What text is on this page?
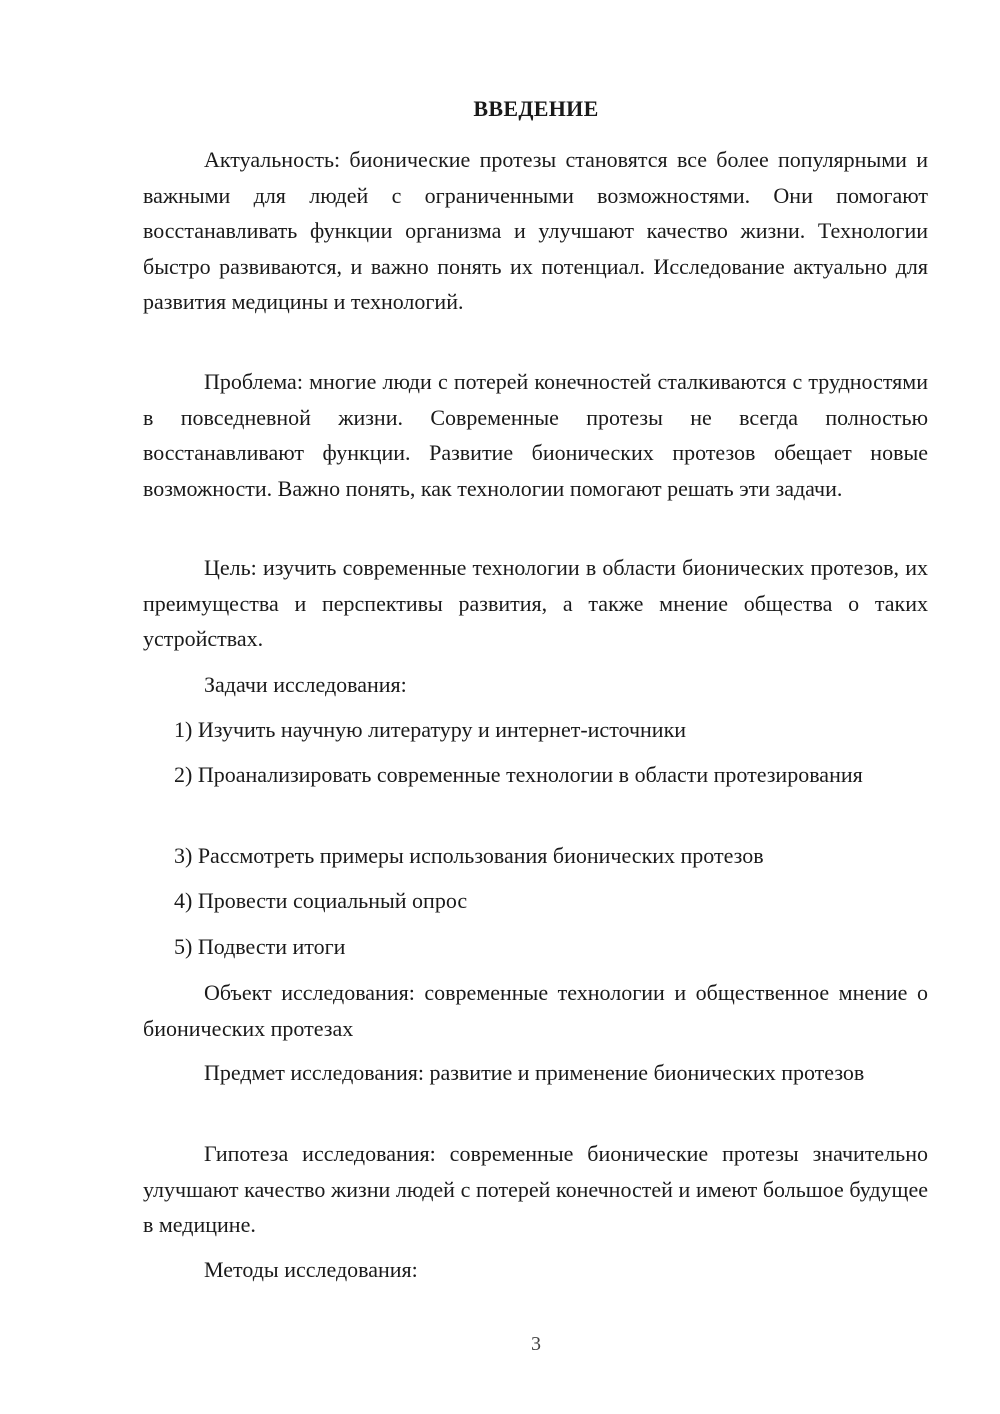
ВВЕДЕНИЕ
Актуальность: бионические протезы становятся все более популярными и важными для людей с ограниченными возможностями. Они помогают восстанавливать функции организма и улучшают качество жизни. Технологии быстро развиваются, и важно понять их потенциал. Исследование актуально для развития медицины и технологий.
Проблема: многие люди с потерей конечностей сталкиваются с трудностями в повседневной жизни. Современные протезы не всегда полностью восстанавливают функции. Развитие бионических протезов обещает новые возможности. Важно понять, как технологии помогают решать эти задачи.
Цель: изучить современные технологии в области бионических протезов, их преимущества и перспективы развития, а также мнение общества о таких устройствах.
Задачи исследования:
1) Изучить научную литературу и интернет-источники
2) Проанализировать современные технологии в области протезирования
3) Рассмотреть примеры использования бионических протезов
4) Провести социальный опрос
5) Подвести итоги
Объект исследования: современные технологии и общественное мнение о бионических протезах
Предмет исследования: развитие и применение бионических протезов
Гипотеза исследования: современные бионические протезы значительно улучшают качество жизни людей с потерей конечностей и имеют большое будущее в медицине.
Методы исследования:
3
